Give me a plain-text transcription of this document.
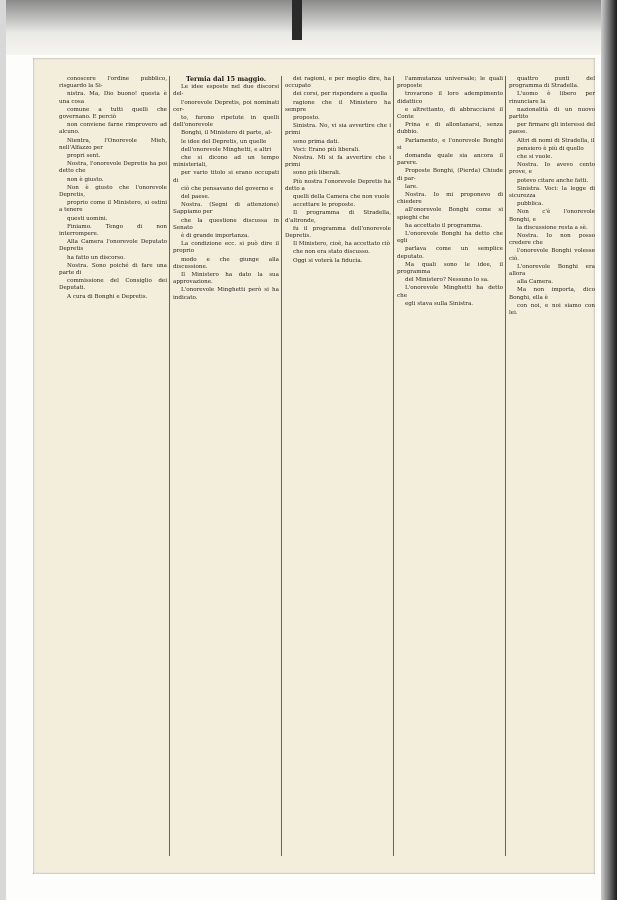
conoscere l'ordine pubblico, risguardo la Si-

nistra. Ma, Dio buono! questa è una cosa

comune a tutti quelli che governano. E perciò

non conviene farne rimprovero ad alcuno.

Nientra, l'Onorevole Mieh, nell'Alfazzo per

propri sent.

Nostra, l'onorevole Depretis ha poi detto che

non è giusto.

Non è giusto che l'onorevole Depretis,

proprio come il Ministero, si ostini a tenere

questi uomini.

Finiamo. Tengo di non interrompere.

Alla Camera l'onorevole Deputato Depretis

ha fatto un discorso.

Nostra. Sono poiché di fare una parte di

commissione del Consiglio dei Deputati.

A cura di Bonghi e Depretis.

Termia dal 15 maggio.

Le idee esposte nel due discorsi del-

l'onorevole Depretis, poi nominati cer-

to, furono ripetute in quelli dell'onorevole

Bonghi, il Ministero di parte, al-

le idee del Depretis, un quelle

dell'onorevole Minghetti, e altri

che si dicono ad un tempo ministeriali,

per vario titolo si erano occupati di

ciò che pensavano del governo e

del paese.

Nostra. (Segni di attenzione) Sappiamo per

che la questione discussa in Senato

è di grande importanza.

La condizione ecc. si può dire il proprio

modo e che giunge alla discussione.

Il Ministero ha dato la sua approvazione.

L'onorevole Minghetti però si ha indicato.

dei ragioni, e per meglio dire, ha occupato

dei corsi, per rispondere a quella

ragione che il Ministero ha sempre

proposto.

Sinistra. No, vi sia avvertire che i primi

sono prima dati.

Voci: Erano più liberali.

Nostra. Mi si fa avvertire che i primi

sono più liberali.

Più nostra l'onorevole Depretis ha detto a

quelli della Camera che non vuole

accettare le proposte.

Il programma di Stradella, d'altronde,

fu il programma dell'onorevole Depretis.

Il Ministero, cioè, ha accettato ciò

che non era stato discusso.

Oggi si voterà la fiducia.

l'ammutanza universale; le quali proposte

trovarono il loro adempimento didattico

e altrettanto, di abbracciarsi il Conte

Prina e di allontanarsi, senza dubbio.

Parlamento, e l'onorevole Bonghi si

domanda quale sia ancora il parere.

Proposte Bonghi, (Pierda) Chiude di par-

lare.

Nostra. Io mi proponevo di chiedere

all'onorevole Bonghi come si spieghi che

ha accettato il programma.

L'onorevole Bonghi ha detto che egli

parlava come un semplice deputato.

Ma quali sono le idee, il programma

del Ministero? Nessuno lo sa.

L'onorevole Minghetti ha detto che

egli stava sulla Sinistra.

quattro punti del programma di Stradella.

L'uomo è libero per rinunciare la

nazionalità di un nuovo partito

per firmare gli interessi del paese.

Altri di nomi di Stradella, il

pensiero è più di quello

che si vuole.

Nostra. Io avevo cento prove, e

potevo citare anche fatti.

Sinistra. Voci: la legge di sicurezza

pubblica.

Non c'è l'onorevole Bonghi, e

la discussione resta a sè.

Nostra. Io non posso credere che

l'onorevole Bonghi volesse ciò.

L'onorevole Bonghi era allora

alla Camera.

Ma non importa, dico Bonghi, ella è

con noi, e noi siamo con lei.
